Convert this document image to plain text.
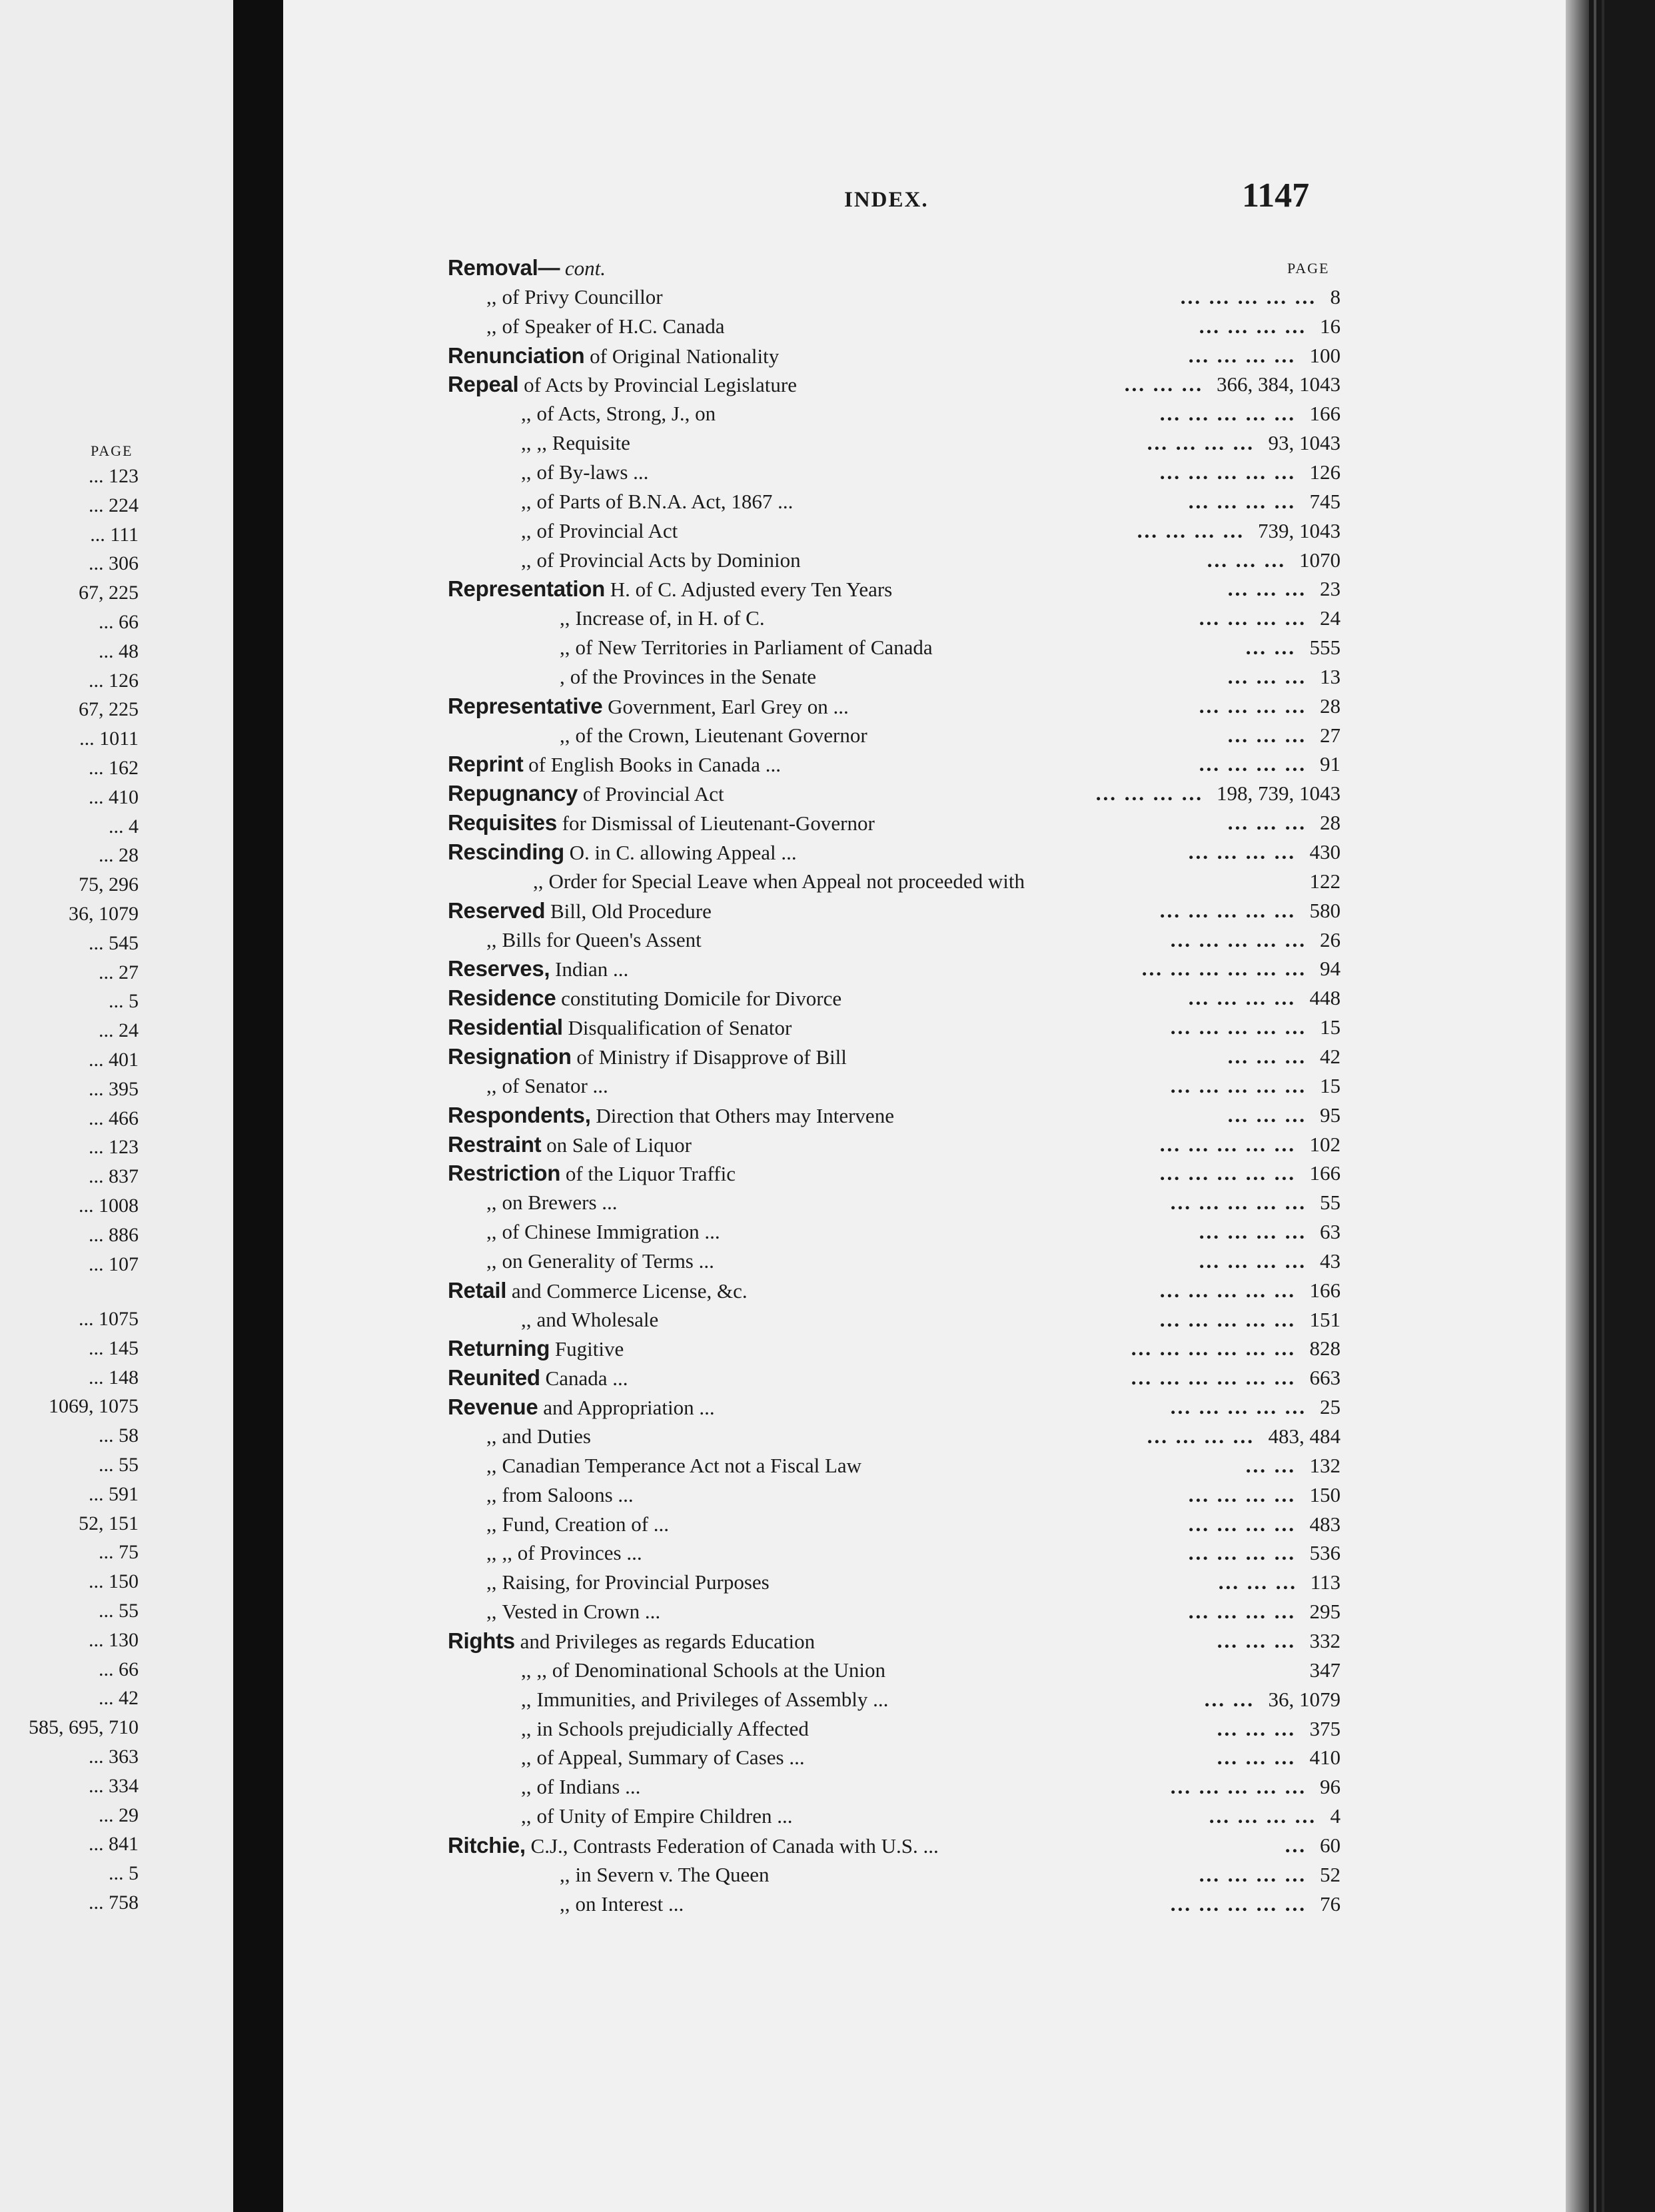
PAGE
... 123
... 224
... 111
... 306
67, 225
... 66
... 48
... 126
67, 225
... 1011
... 162
... 410
... 4
... 28
75, 296
36, 1079
... 545
... 27
... 5
... 24
... 401
... 395
... 466
... 123
... 837
... 1008
... 886
... 107
... 1075
... 145
... 148
1069, 1075
... 58
... 55
... 591
52, 151
... 75
... 150
... 55
... 130
... 66
... 42
585, 695, 710
... 363
... 334
... 29
... 841
... 5
... 758
INDEX.	1147
PAGE
Removal— cont.
,, of Privy Councillor	... ... ... ... ... 8
,, of Speaker of H.C. Canada	... ... ... ... 16
Renunciation of Original Nationality	... ... ... ... 100
Repeal of Acts by Provincial Legislature	... ... ... 366, 384, 1043
,, of Acts, Strong, J., on	... ... ... ... ... 166
,, ,, Requisite	... ... ... ... 93, 1043
,, of By-laws ...	... ... ... ... ... 126
,, of Parts of B.N.A. Act, 1867 ...	... ... ... ... 745
,, of Provincial Act	... ... ... ... 739, 1043
,, of Provincial Acts by Dominion	... ... ... 1070
Representation H. of C. Adjusted every Ten Years	... ... ... 23
,, Increase of, in H. of C.	... ... ... ... 24
,, of New Territories in Parliament of Canada	... ... 555
, of the Provinces in the Senate	... ... ... 13
Representative Government, Earl Grey on ...	... ... ... ... 28
,, of the Crown, Lieutenant Governor	... ... ... 27
Reprint of English Books in Canada ...	... ... ... ... 91
Repugnancy of Provincial Act	... ... ... ... 198, 739, 1043
Requisites for Dismissal of Lieutenant-Governor	... ... ... 28
Rescinding O. in C. allowing Appeal ...	... ... ... ... 430
,, Order for Special Leave when Appeal not proceeded with	122
Reserved Bill, Old Procedure	... ... ... ... ... 580
,, Bills for Queen's Assent	... ... ... ... ... 26
Reserves, Indian ...	... ... ... ... ... ... 94
Residence constituting Domicile for Divorce	... ... ... ... 448
Residential Disqualification of Senator	... ... ... ... ... 15
Resignation of Ministry if Disapprove of Bill	... ... ... 42
,, of Senator ...	... ... ... ... ... 15
Respondents, Direction that Others may Intervene	... ... ... 95
Restraint on Sale of Liquor	... ... ... ... ... 102
Restriction of the Liquor Traffic	... ... ... ... ... 166
,, on Brewers ...	... ... ... ... ... 55
,, of Chinese Immigration ...	... ... ... ... 63
,, on Generality of Terms ...	... ... ... ... 43
Retail and Commerce License, &c.	... ... ... ... ... 166
,, and Wholesale	... ... ... ... ... 151
Returning Fugitive	... ... ... ... ... ... 828
Reunited Canada ...	... ... ... ... ... ... 663
Revenue and Appropriation ...	... ... ... ... ... 25
,, and Duties	... ... ... ... 483, 484
,, Canadian Temperance Act not a Fiscal Law	... ... 132
,, from Saloons ...	... ... ... ... 150
,, Fund, Creation of ...	... ... ... ... 483
,, ,, of Provinces ...	... ... ... ... 536
,, Raising, for Provincial Purposes	... ... ... 113
,, Vested in Crown ...	... ... ... ... 295
Rights and Privileges as regards Education	... ... ... 332
,, ,, of Denominational Schools at the Union	347
,, Immunities, and Privileges of Assembly ...	... ... 36, 1079
,, in Schools prejudicially Affected	... ... ... 375
,, of Appeal, Summary of Cases ...	... ... ... 410
,, of Indians ...	... ... ... ... ... 96
,, of Unity of Empire Children ...	... ... ... ... 4
Ritchie, C.J., Contrasts Federation of Canada with U.S. ...	... 60
,, in Severn v. The Queen	... ... ... ... 52
,, on Interest ...	... ... ... ... ... 76
